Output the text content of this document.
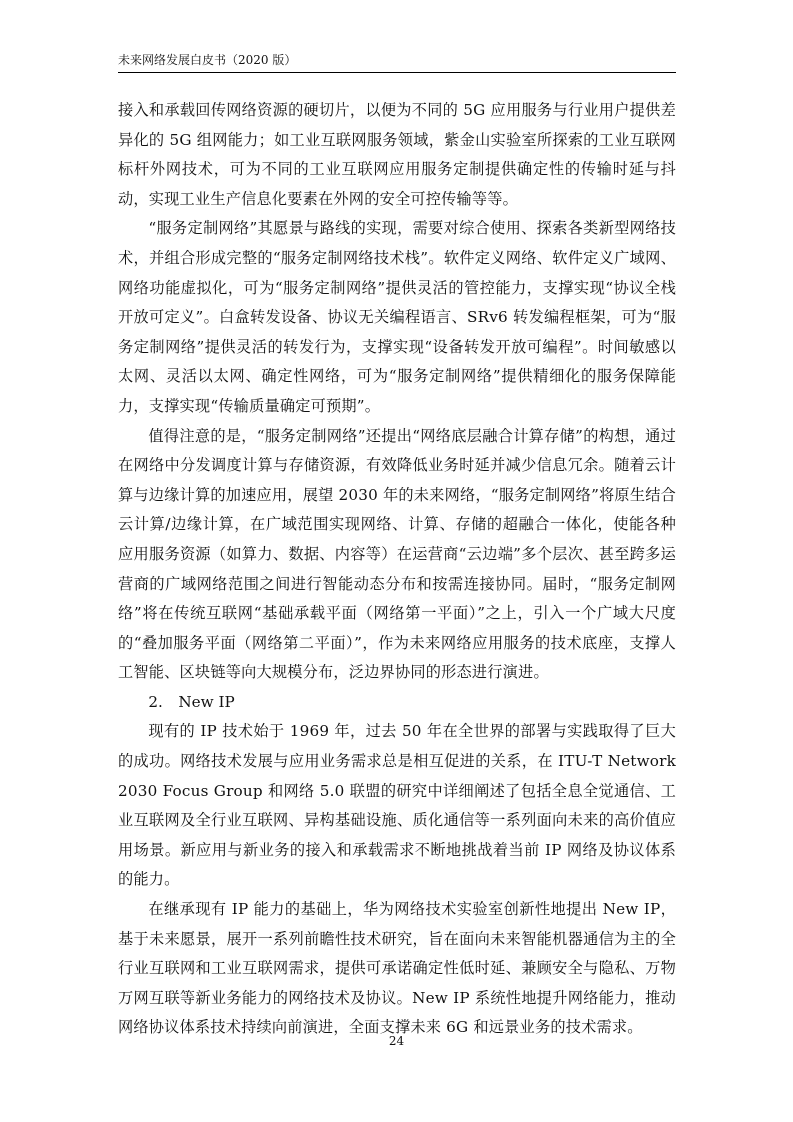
未来网络发展白皮书（2020 版）

接入和承载回传网络资源的硬切片，以便为不同的 5G 应用服务与行业用户提供差异化的 5G 组网能力；如工业互联网服务领域，紫金山实验室所探索的工业互联网标杆外网技术，可为不同的工业互联网应用服务定制提供确定性的传输时延与抖动，实现工业生产信息化要素在外网的安全可控传输等等。

“服务定制网络”其愿景与路线的实现，需要对综合使用、探索各类新型网络技术，并组合形成完整的“服务定制网络技术栈”。软件定义网络、软件定义广域网、网络功能虚拟化，可为“服务定制网络”提供灵活的管控能力，支撑实现“协议全栈开放可定义”。白盒转发设备、协议无关编程语言、SRv6 转发编程框架，可为“服务定制网络”提供灵活的转发行为，支撑实现“设备转发开放可编程”。时间敏感以太网、灵活以太网、确定性网络，可为“服务定制网络”提供精细化的服务保障能力，支撑实现“传输质量确定可预期”。

值得注意的是，“服务定制网络”还提出“网络底层融合计算存储”的构想，通过在网络中分发调度计算与存储资源，有效降低业务时延并减少信息冗余。随着云计算与边缘计算的加速应用，展望 2030 年的未来网络，“服务定制网络”将原生结合云计算/边缘计算，在广域范围实现网络、计算、存储的超融合一体化，使能各种应用服务资源（如算力、数据、内容等）在运营商“云边端”多个层次、甚至跨多运营商的广域网络范围之间进行智能动态分布和按需连接协同。届时，“服务定制网络”将在传统互联网“基础承载平面（网络第一平面）”之上，引入一个广域大尺度的“叠加服务平面（网络第二平面）”，作为未来网络应用服务的技术底座，支撑人工智能、区块链等向大规模分布，泛边界协同的形态进行演进。

2. New IP

现有的 IP 技术始于 1969 年，过去 50 年在全世界的部署与实践取得了巨大的成功。网络技术发展与应用业务需求总是相互促进的关系，在 ITU-T Network 2030 Focus Group 和网络 5.0 联盟的研究中详细阐述了包括全息全觉通信、工业互联网及全行业互联网、异构基础设施、质化通信等一系列面向未来的高价值应用场景。新应用与新业务的接入和承载需求不断地挑战着当前 IP 网络及协议体系的能力。

在继承现有 IP 能力的基础上，华为网络技术实验室创新性地提出 New IP，基于未来愿景，展开一系列前瞻性技术研究，旨在面向未来智能机器通信为主的全行业互联网和工业互联网需求，提供可承诺确定性低时延、兼顾安全与隐私、万物万网互联等新业务能力的网络技术及协议。New IP 系统性地提升网络能力，推动网络协议体系技术持续向前演进，全面支撑未来 6G 和远景业务的技术需求。

24
